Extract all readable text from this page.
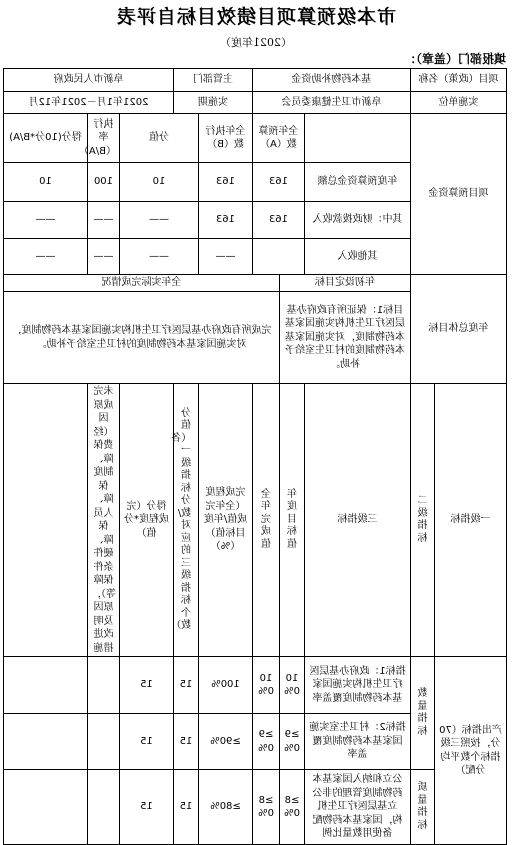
市本级预算项目绩效目标自评表
（2021年度）
填报部门（盖章）：
项目（政策）名称		基本药物补助资金			主管部门		阜新市人民政府		
实施单位		阜新市卫生健康委员会			实施期		2021年1月－2021年12月		
项目预算资金			全年预算数（A）		全年执行数（B）	分值		执行率（B/A）	得分(10分*B/A)
		年度预算资金总额	163		163	10		100	10
		其中：财政拨款收入	163		163	——		——	——
		其他收入			——	——		——	——
年度总体目标		年初设定目标		全年实际完成情况					
		目标1：保证所有政府办基层医疗卫生机构实施国家基本药物制度，对实施国家基本药物制度的村卫生室给予补助。		完成所有政府办基层医疗卫生机构实施国家基本药物制度，对实施国家基本药物制度的村卫生室给予补助。					
一级指标	二级指标	三级指标	年度目标值	全年完成值	完成程度（全年完成值/年度目标值）（%）	分值（各一级指标分数/对应的三级指标个数）	得分（完成程度*分值）	未完成原因（经费保障、制度保障、人员保障、硬件条件保障等），原因及明改进措施	
产出指标（70分，按照三级指标个数平均分配）	数量指标	指标1：政府办基层医疗卫生机构实施国家基本药物制度覆盖率	100%	100%	100%	15	15		
		指标2：村卫生室实施国家基本药物制度覆盖率	≥90%	≥90%	≥90%	15	15		
	质量指标	公立和纳入国家基本药物制度管理的非公立基层医疗卫生机构，国家基本药物配备使用数量比例	≥80%	≥80%	≥80%	15	15		
